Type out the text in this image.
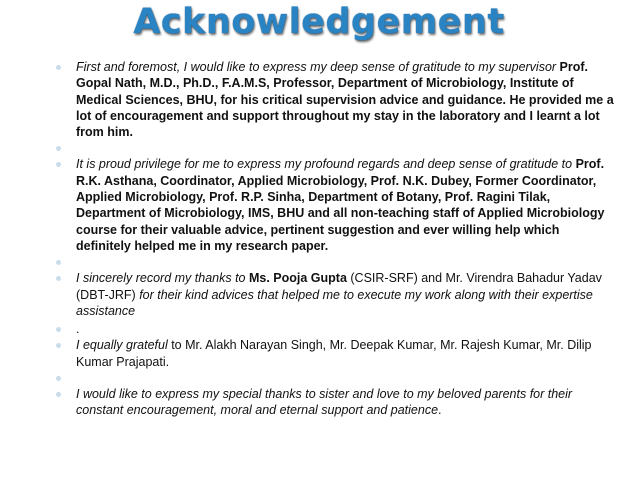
Acknowledgement
First and foremost, I would like to express my deep sense of gratitude to my supervisor Prof. Gopal Nath, M.D., Ph.D., F.A.M.S, Professor, Department of Microbiology, Institute of Medical Sciences, BHU, for his critical supervision advice and guidance. He provided me a lot of encouragement and support throughout my stay in the laboratory and I learnt a lot from him.
It is proud privilege for me to express my profound regards and deep sense of gratitude to Prof. R.K. Asthana, Coordinator, Applied Microbiology, Prof. N.K. Dubey, Former Coordinator, Applied Microbiology, Prof. R.P. Sinha, Department of Botany, Prof. Ragini Tilak, Department of Microbiology, IMS, BHU and all non-teaching staff of Applied Microbiology course for their valuable advice, pertinent suggestion and ever willing help which definitely helped me in my research paper.
I sincerely record my thanks to Ms. Pooja Gupta (CSIR-SRF) and Mr. Virendra Bahadur Yadav (DBT-JRF) for their kind advices that helped me to execute my work along with their expertise assistance
.
I equally grateful to Mr. Alakh Narayan Singh, Mr. Deepak Kumar, Mr. Rajesh Kumar, Mr. Dilip Kumar Prajapati.
I would like to express my special thanks to sister and love to my beloved parents for their constant encouragement, moral and eternal support and patience.
